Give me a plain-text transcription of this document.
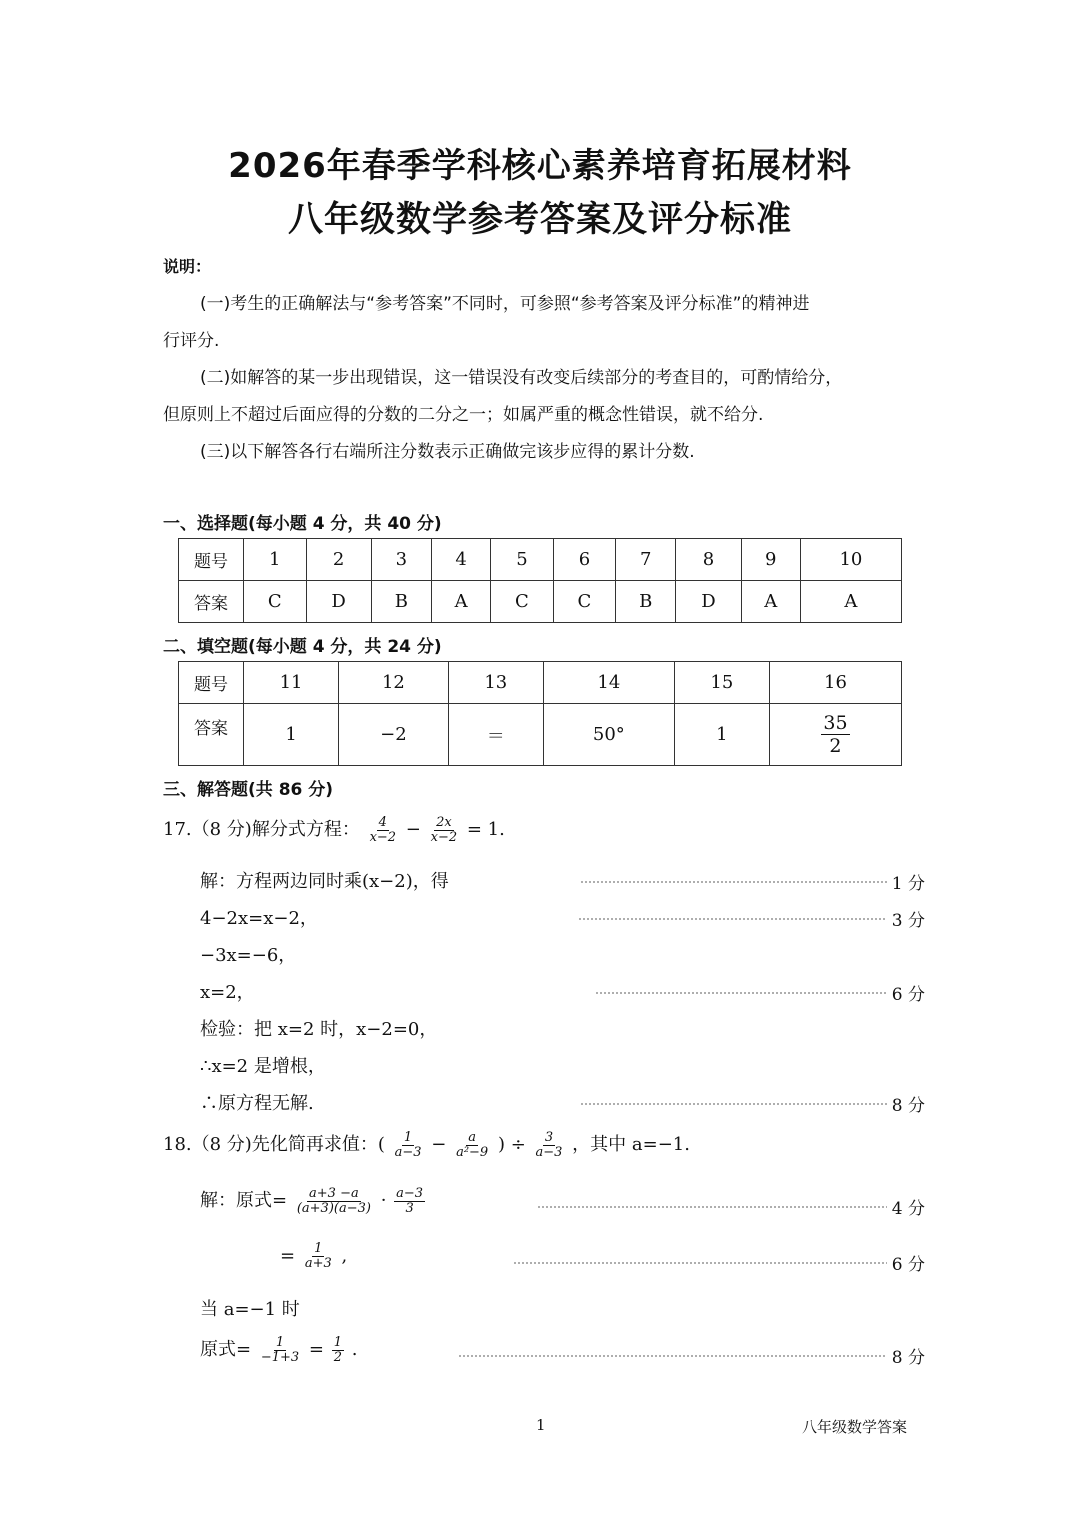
2026年春季学科核心素养培育拓展材料
八年级数学参考答案及评分标准
说明：
(一)考生的正确解法与“参考答案”不同时，可参照“参考答案及评分标准”的精神进
行评分.
(二)如解答的某一步出现错误，这一错误没有改变后续部分的考查目的，可酌情给分，
但原则上不超过后面应得的分数的二分之一；如属严重的概念性错误，就不给分.
(三)以下解答各行右端所注分数表示正确做完该步应得的累计分数.
一、选择题(每小题 4 分，共 40 分)
题号	1	2	3	4	5	6	7	8	9	10
答案	C	D	B	A	C	C	B	D	A	A
二、填空题(每小题 4 分，共 24 分)
题号	11	12	13	14	15	16
答案	1	−2	＝	50°	1	$\frac{35}{2}$
三、解答题(共 86 分)
17.（8 分)解分式方程： $\frac{4}{x-2} - \frac{2x}{x-2} = 1$.
解：方程两边同时乘(x−2)，得	1 分
4−2x=x−2，	3 分
−3x=−6，
x=2，	6 分
检验：把 x=2 时，x−2=0，
∴x=2 是增根，
∴原方程无解.	8 分
18.（8 分)先化简再求值：( $\frac{1}{a-3} - \frac{a}{\text{a²−9}}$ ) ÷ $\frac{3}{a-3}$ ，其中 a=−1.
解：原式= $\frac{a+3 -a}{(a+3)(a-3)} \cdot \frac{a-3}{3}$	4 分
= $\frac{1}{a+3}$ ,	6 分
当 a=−1 时
原式= $\frac{1}{-1+3} = \frac{1}{2}$ .	8 分
1	八年级数学答案
